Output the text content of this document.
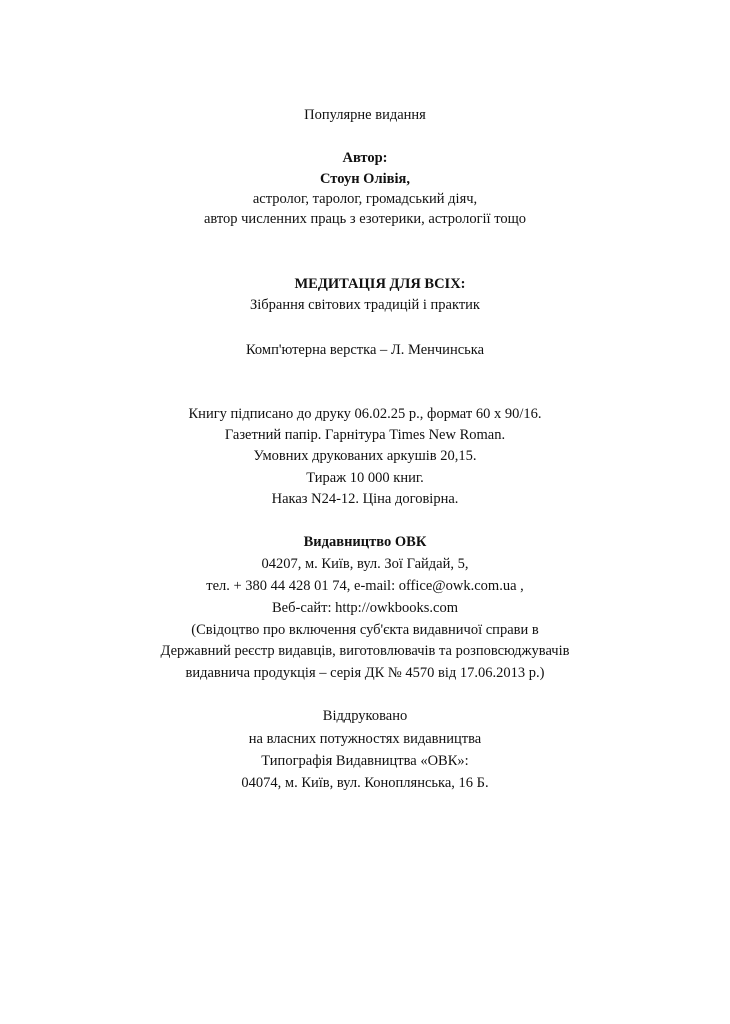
Популярне видання
Автор:
Стоун Олівія,
астролог, таролог, громадський діяч,
автор численних праць з езотерики, астрології тощо
МЕДИТАЦІЯ ДЛЯ ВСІХ:
Зібрання світових традицій і практик
Комп'ютерна верстка – Л. Менчинська
Книгу підписано до друку 06.02.25 р., формат 60 х 90/16.
Газетний папір. Гарнітура Times New Roman.
Умовних друкованих аркушів 20,15.
Тираж 10 000 книг.
Наказ N24-12. Ціна договірна.
Видавництво ОВК
04207, м. Київ, вул. Зої Гайдай, 5,
тел. + 380 44 428 01 74, e-mail: office@owk.com.ua ,
Веб-сайт: http://owkbooks.com
(Свідоцтво про включення суб'єкта видавничої справи в
Державний реєстр видавців, виготовлювачів та розповсюджувачів
видавнича продукція – серія ДК № 4570 від 17.06.2013 р.)
Віддруковано
на власних потужностях видавництва
Типографія Видавництва «ОВК»:
04074, м. Київ, вул. Коноплянська, 16 Б.
